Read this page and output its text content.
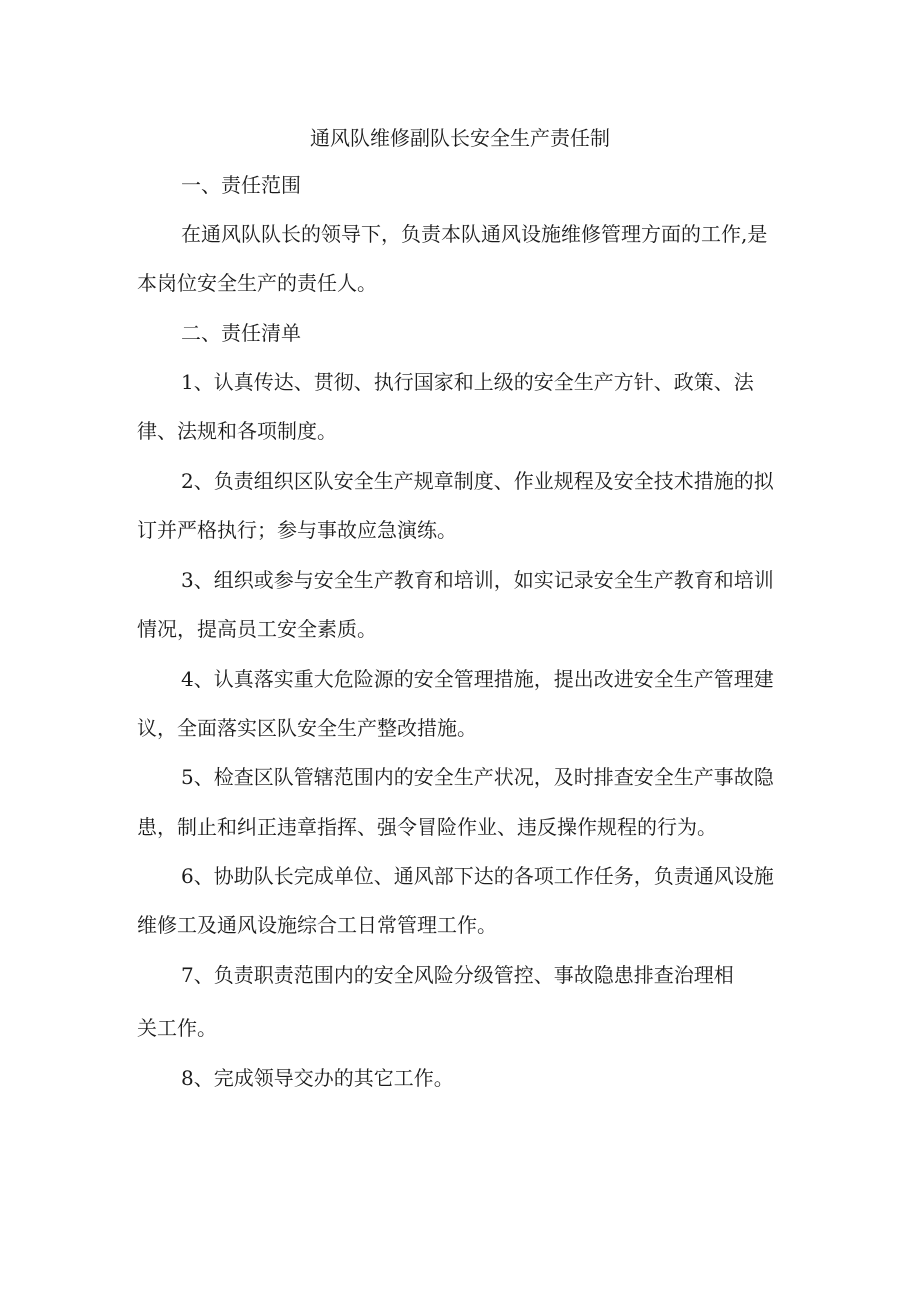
通风队维修副队长安全生产责任制
一、责任范围
在通风队队长的领导下，负责本队通风设施维修管理方面的工作,是
本岗位安全生产的责任人。
二、责任清单
1、认真传达、贯彻、执行国家和上级的安全生产方针、政策、法
律、法规和各项制度。
2、负责组织区队安全生产规章制度、作业规程及安全技术措施的拟
订并严格执行；参与事故应急演练。
3、组织或参与安全生产教育和培训，如实记录安全生产教育和培训
情况，提高员工安全素质。
4、认真落实重大危险源的安全管理措施，提出改进安全生产管理建
议，全面落实区队安全生产整改措施。
5、检查区队管辖范围内的安全生产状况，及时排查安全生产事故隐
患，制止和纠正违章指挥、强令冒险作业、违反操作规程的行为。
6、协助队长完成单位、通风部下达的各项工作任务，负责通风设施
维修工及通风设施综合工日常管理工作。
7、负责职责范围内的安全风险分级管控、事故隐患排查治理相
关工作。
8、完成领导交办的其它工作。
